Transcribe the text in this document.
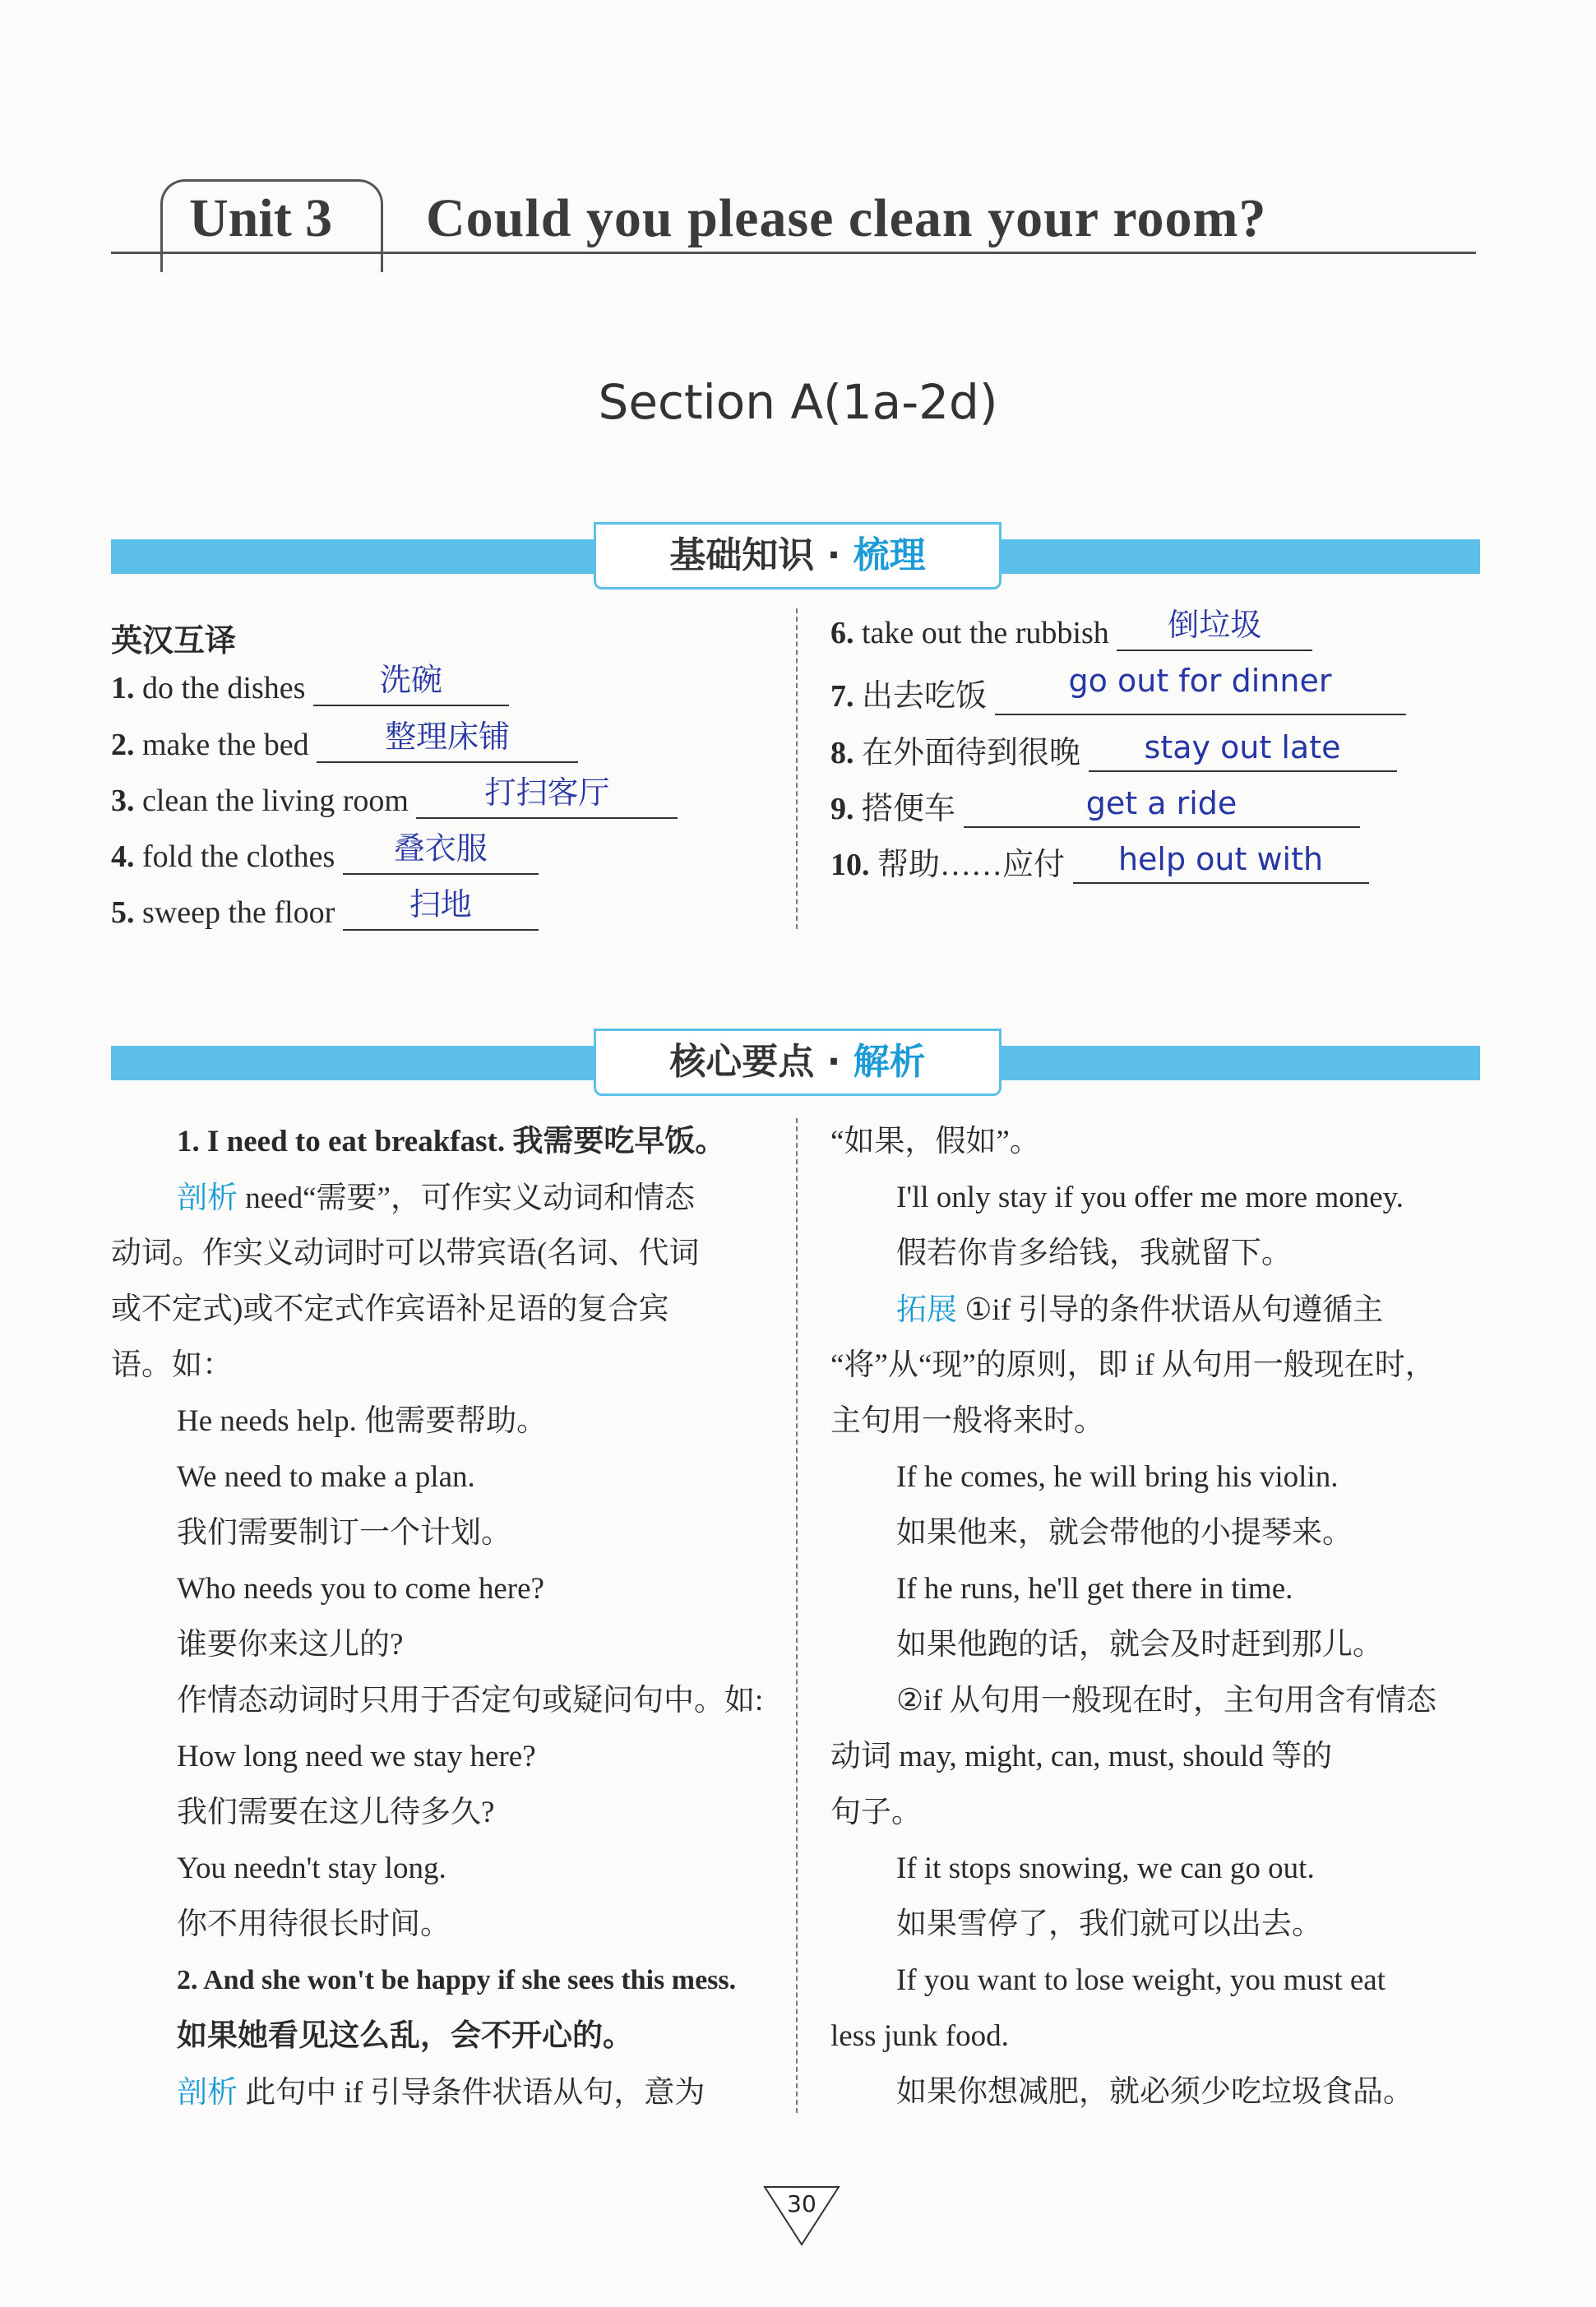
Unit 3 Could you please clean your room?
Section A(1a-2d)
基础知识 · 梳理
英汉互译
1. do the dishes	洗碗
2. make the bed	整理床铺
3. clean the living room	打扫客厅
4. fold the clothes	叠衣服
5. sweep the floor	扫地
6. take out the rubbish	倒垃圾
7. 出去吃饭	go out for dinner
8. 在外面待到很晚	stay out late
9. 搭便车	get a ride
10. 帮助……应付	help out with
核心要点 · 解析
1. I need to eat breakfast. 我需要吃早饭。
剖析 need“需要”，可作实义动词和情态
动词。作实义动词时可以带宾语(名词、代词
或不定式)或不定式作宾语补足语的复合宾
语。如：
He needs help. 他需要帮助。
We need to make a plan.
我们需要制订一个计划。
Who needs you to come here?
谁要你来这儿的?
作情态动词时只用于否定句或疑问句中。如:
How long need we stay here?
我们需要在这儿待多久?
You needn't stay long.
你不用待很长时间。
2. And she won't be happy if she sees this mess.
如果她看见这么乱，会不开心的。
剖析 此句中 if 引导条件状语从句，意为
“如果，假如”。
I'll only stay if you offer me more money.
假若你肯多给钱，我就留下。
拓展 ①if 引导的条件状语从句遵循主
“将”从“现”的原则，即 if 从句用一般现在时，
主句用一般将来时。
If he comes, he will bring his violin.
如果他来，就会带他的小提琴来。
If he runs, he'll get there in time.
如果他跑的话，就会及时赶到那儿。
②if 从句用一般现在时，主句用含有情态
动词 may, might, can, must, should 等的
句子。
If it stops snowing, we can go out.
如果雪停了，我们就可以出去。
If you want to lose weight, you must eat
less junk food.
如果你想减肥，就必须少吃垃圾食品。
30
